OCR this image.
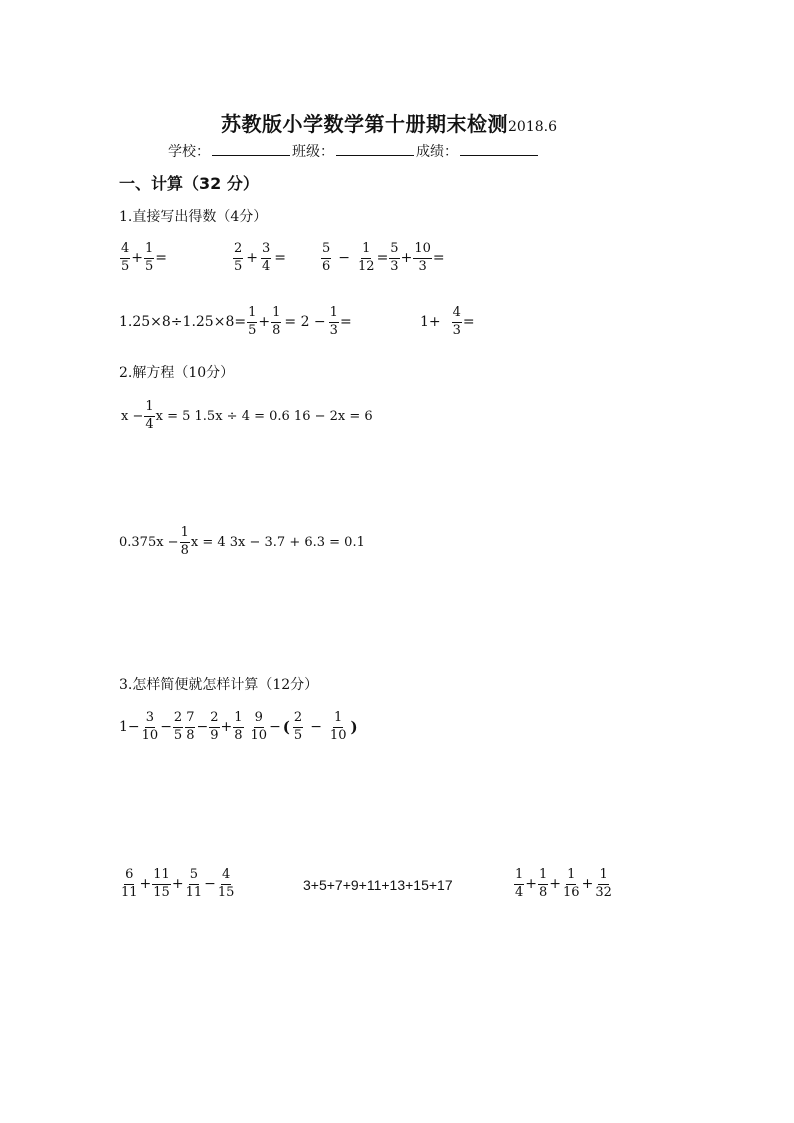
苏教版小学数学第十册期末检测2018.6
学校：	班级：	成绩：
一、计算（32 分）
1.直接写出得数（4分）
$\frac{4}{5} + \frac{1}{5}$ =	$\frac{2}{5} + \frac{3}{4}$ =	$\frac{5}{6} - \frac{1}{12} = \frac{5}{3} + \frac{10}{3}$ =
$1.25\times 8\div 1.25\times 8= \frac{1}{5} + \frac{1}{8} = 2 - \frac{1}{3}$ =	$1+ \frac{4}{3}$ =
2.解方程（10分）
$x - \frac{1}{4}$ x = 5 1.5x ÷ 4 = 0.6 16 − 2x = 6
$0.375x - \frac{1}{8}$ x = 4 3x − 3.7 + 6.3 = 0.1
3.怎样简便就怎样计算（12分）
$1- \frac{3}{10} - \frac{2}{5} \frac{7}{8} - \frac{2}{9} + \frac{1}{8} \frac{9}{10}$ − ( $\frac{2}{5} - \frac{1}{10}$ )
$\frac{6}{11} + \frac{11}{15} + \frac{5}{11} - \frac{4}{15}$	3+5+7+9+11+13+15+17	$\frac{1}{4} + \frac{1}{8} + \frac{1}{16} + \frac{1}{32}$
